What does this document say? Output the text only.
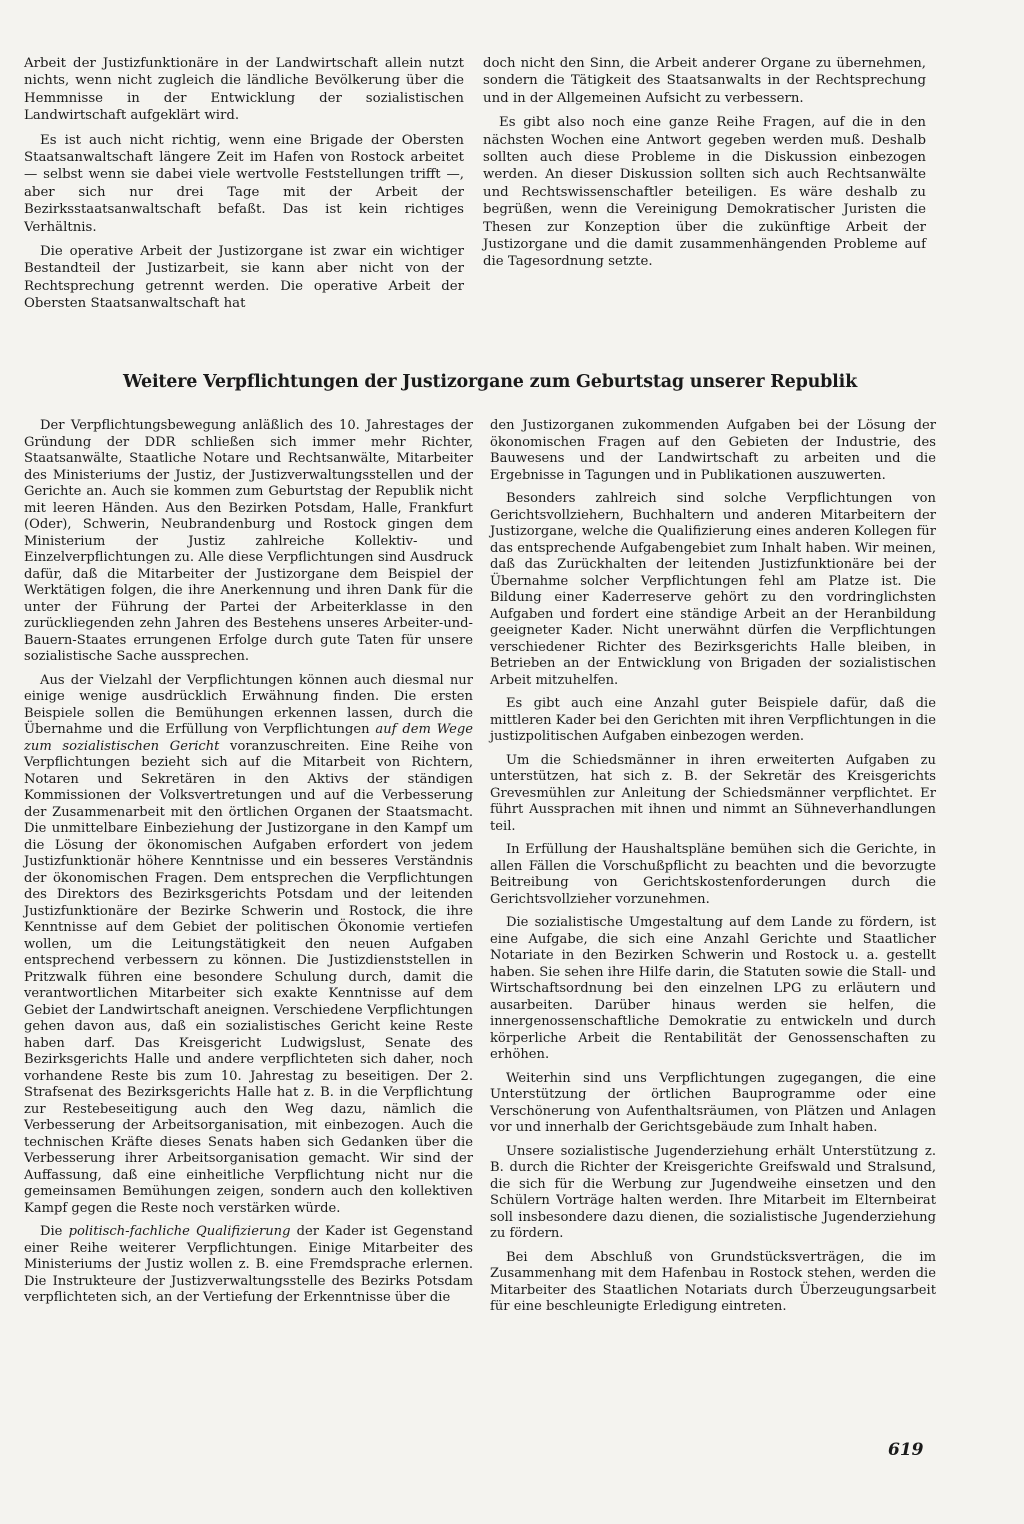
Arbeit der Justizfunktionäre in der Landwirtschaft allein nutzt nichts, wenn nicht zugleich die ländliche Bevölkerung über die Hemmnisse in der Entwicklung der sozialistischen Landwirtschaft aufgeklärt wird.

Es ist auch nicht richtig, wenn eine Brigade der Obersten Staatsanwaltschaft längere Zeit im Hafen von Rostock arbeitet — selbst wenn sie dabei viele wertvolle Feststellungen trifft —, aber sich nur drei Tage mit der Arbeit der Bezirksstaatsanwaltschaft befaßt. Das ist kein richtiges Verhältnis.

Die operative Arbeit der Justizorgane ist zwar ein wichtiger Bestandteil der Justizarbeit, sie kann aber nicht von der Rechtsprechung getrennt werden. Die operative Arbeit der Obersten Staatsanwaltschaft hat

doch nicht den Sinn, die Arbeit anderer Organe zu übernehmen, sondern die Tätigkeit des Staatsanwalts in der Rechtsprechung und in der Allgemeinen Aufsicht zu verbessern.

Es gibt also noch eine ganze Reihe Fragen, auf die in den nächsten Wochen eine Antwort gegeben werden muß. Deshalb sollten auch diese Probleme in die Diskussion einbezogen werden. An dieser Diskussion sollten sich auch Rechtsanwälte und Rechtswissenschaftler beteiligen. Es wäre deshalb zu begrüßen, wenn die Vereinigung Demokratischer Juristen die Thesen zur Konzeption über die zukünftige Arbeit der Justizorgane und die damit zusammenhängenden Probleme auf die Tagesordnung setzte.

Weitere Verpflichtungen der Justizorgane zum Geburtstag unserer Republik

Der Verpflichtungsbewegung anläßlich des 10. Jahrestages der Gründung der DDR schließen sich immer mehr Richter, Staatsanwälte, Staatliche Notare und Rechtsanwälte, Mitarbeiter des Ministeriums der Justiz, der Justizverwaltungsstellen und der Gerichte an. Auch sie kommen zum Geburtstag der Republik nicht mit leeren Händen. Aus den Bezirken Potsdam, Halle, Frankfurt (Oder), Schwerin, Neubrandenburg und Rostock gingen dem Ministerium der Justiz zahlreiche Kollektiv- und Einzelverpflichtungen zu. Alle diese Verpflichtungen sind Ausdruck dafür, daß die Mitarbeiter der Justizorgane dem Beispiel der Werktätigen folgen, die ihre Anerkennung und ihren Dank für die unter der Führung der Partei der Arbeiterklasse in den zurückliegenden zehn Jahren des Bestehens unseres Arbeiter-und-Bauern-Staates errungenen Erfolge durch gute Taten für unsere sozialistische Sache aussprechen.

Aus der Vielzahl der Verpflichtungen können auch diesmal nur einige wenige ausdrücklich Erwähnung finden. Die ersten Beispiele sollen die Bemühungen erkennen lassen, durch die Übernahme und die Erfüllung von Verpflichtungen auf dem Wege zum sozialistischen Gericht voranzuschreiten. Eine Reihe von Verpflichtungen bezieht sich auf die Mitarbeit von Richtern, Notaren und Sekretären in den Aktivs der ständigen Kommissionen der Volksvertretungen und auf die Verbesserung der Zusammenarbeit mit den örtlichen Organen der Staatsmacht. Die unmittelbare Einbeziehung der Justizorgane in den Kampf um die Lösung der ökonomischen Aufgaben erfordert von jedem Justizfunktionär höhere Kenntnisse und ein besseres Verständnis der ökonomischen Fragen. Dem entsprechen die Verpflichtungen des Direktors des Bezirksgerichts Potsdam und der leitenden Justizfunktionäre der Bezirke Schwerin und Rostock, die ihre Kenntnisse auf dem Gebiet der politischen Ökonomie vertiefen wollen, um die Leitungstätigkeit den neuen Aufgaben entsprechend verbessern zu können. Die Justizdienststellen in Pritzwalk führen eine besondere Schulung durch, damit die verantwortlichen Mitarbeiter sich exakte Kenntnisse auf dem Gebiet der Landwirtschaft aneignen. Verschiedene Verpflichtungen gehen davon aus, daß ein sozialistisches Gericht keine Reste haben darf. Das Kreisgericht Ludwigslust, Senate des Bezirksgerichts Halle und andere verpflichteten sich daher, noch vorhandene Reste bis zum 10. Jahrestag zu beseitigen. Der 2. Strafsenat des Bezirksgerichts Halle hat z. B. in die Verpflichtung zur Restebeseitigung auch den Weg dazu, nämlich die Verbesserung der Arbeitsorganisation, mit einbezogen. Auch die technischen Kräfte dieses Senats haben sich Gedanken über die Verbesserung ihrer Arbeitsorganisation gemacht. Wir sind der Auffassung, daß eine einheitliche Verpflichtung nicht nur die gemeinsamen Bemühungen zeigen, sondern auch den kollektiven Kampf gegen die Reste noch verstärken würde.

Die politisch-fachliche Qualifizierung der Kader ist Gegenstand einer Reihe weiterer Verpflichtungen. Einige Mitarbeiter des Ministeriums der Justiz wollen z. B. eine Fremdsprache erlernen. Die Instrukteure der Justizverwaltungsstelle des Bezirks Potsdam verpflichteten sich, an der Vertiefung der Erkenntnisse über die

den Justizorganen zukommenden Aufgaben bei der Lösung der ökonomischen Fragen auf den Gebieten der Industrie, des Bauwesens und der Landwirtschaft zu arbeiten und die Ergebnisse in Tagungen und in Publikationen auszuwerten.

Besonders zahlreich sind solche Verpflichtungen von Gerichtsvollziehern, Buchhaltern und anderen Mitarbeitern der Justizorgane, welche die Qualifizierung eines anderen Kollegen für das entsprechende Aufgabengebiet zum Inhalt haben. Wir meinen, daß das Zurückhalten der leitenden Justizfunktionäre bei der Übernahme solcher Verpflichtungen fehl am Platze ist. Die Bildung einer Kaderreserve gehört zu den vordringlichsten Aufgaben und fordert eine ständige Arbeit an der Heranbildung geeigneter Kader. Nicht unerwähnt dürfen die Verpflichtungen verschiedener Richter des Bezirksgerichts Halle bleiben, in Betrieben an der Entwicklung von Brigaden der sozialistischen Arbeit mitzuhelfen.

Es gibt auch eine Anzahl guter Beispiele dafür, daß die mittleren Kader bei den Gerichten mit ihren Verpflichtungen in die justizpolitischen Aufgaben einbezogen werden.

Um die Schiedsmänner in ihren erweiterten Aufgaben zu unterstützen, hat sich z. B. der Sekretär des Kreisgerichts Grevesmühlen zur Anleitung der Schiedsmänner verpflichtet. Er führt Aussprachen mit ihnen und nimmt an Sühneverhandlungen teil.

In Erfüllung der Haushaltspläne bemühen sich die Gerichte, in allen Fällen die Vorschußpflicht zu beachten und die bevorzugte Beitreibung von Gerichtskostenforderungen durch die Gerichtsvollzieher vorzunehmen.

Die sozialistische Umgestaltung auf dem Lande zu fördern, ist eine Aufgabe, die sich eine Anzahl Gerichte und Staatlicher Notariate in den Bezirken Schwerin und Rostock u. a. gestellt haben. Sie sehen ihre Hilfe darin, die Statuten sowie die Stall- und Wirtschaftsordnung bei den einzelnen LPG zu erläutern und ausarbeiten. Darüber hinaus werden sie helfen, die innergenossenschaftliche Demokratie zu entwickeln und durch körperliche Arbeit die Rentabilität der Genossenschaften zu erhöhen.

Weiterhin sind uns Verpflichtungen zugegangen, die eine Unterstützung der örtlichen Bauprogramme oder eine Verschönerung von Aufenthaltsräumen, von Plätzen und Anlagen vor und innerhalb der Gerichtsgebäude zum Inhalt haben.

Unsere sozialistische Jugenderziehung erhält Unterstützung z. B. durch die Richter der Kreisgerichte Greifswald und Stralsund, die sich für die Werbung zur Jugendweihe einsetzen und den Schülern Vorträge halten werden. Ihre Mitarbeit im Elternbeirat soll insbesondere dazu dienen, die sozialistische Jugenderziehung zu fördern.

Bei dem Abschluß von Grundstücksverträgen, die im Zusammenhang mit dem Hafenbau in Rostock stehen, werden die Mitarbeiter des Staatlichen Notariats durch Überzeugungsarbeit für eine beschleunigte Erledigung eintreten.

619
